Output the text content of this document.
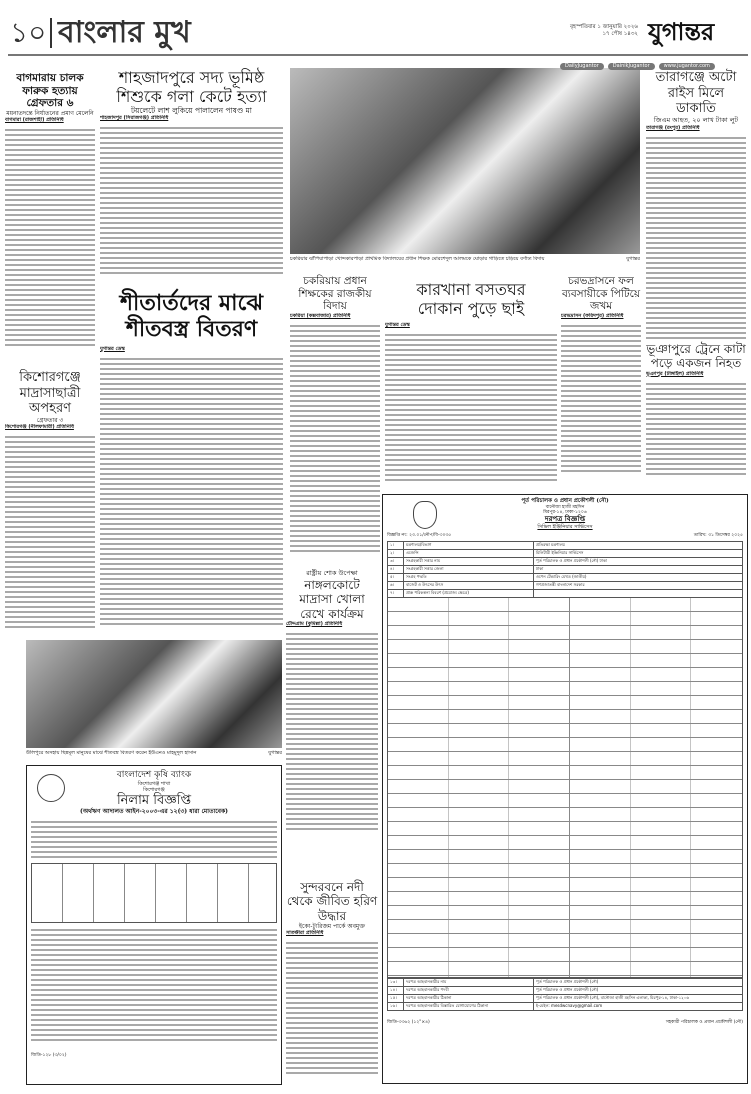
১০ বাংলার মুখ	বৃহস্পতিবার ১ জানুয়ারি ২০২৬
১৭ পৌষ ১৪৩২ যুগান্তর
DailyJugantor	DainikJugantor	www.jugantor.com
বাগমারায় চালক ফারুক হত্যায় গ্রেফতার ৬
ময়নাতদন্তে নির্যাতনের প্রমাণ মেলেনি
বাগমারা (রাজশাহী) প্রতিনিধি
কিশোরগঞ্জে মাদ্রাসাছাত্রী অপহরণ
গ্রেফতার ৩
কিশোরগঞ্জ (নীলফামারী) প্রতিনিধি
শাহজাদপুরে সদ্য ভূমিষ্ঠ শিশুকে গলা কেটে হত্যা
টয়লেটে লাশ লুকিয়ে পালালেন পাষণ্ড মা
শাহজাদপুর (সিরাজগঞ্জ) প্রতিনিধি
শীতার্তদের মাঝে শীতবস্ত্র বিতরণ
যুগান্তর ডেস্ক
চকরিয়ার ঝাঁপিয়াপাড়া খোন্দকারপাড়া প্রাথমিক বিদ্যালয়ের প্রধান শিক্ষক মোরশেদুল আলমকে ঘোড়ার গাড়িতে চড়িয়ে বর্ণাঢ্য বিদায়	যুগান্তর
তারাগঞ্জে অটো রাইস মিলে ডাকাতি
জিএম আহত, ২০ লাখ টাকা লুট
তারাগঞ্জ (রংপুর) প্রতিনিধি
ভূঞাপুরে ট্রেনে কাটা পড়ে একজন নিহত
ভূঞাপুর (টাঙ্গাইল) প্রতিনিধি
চকরিয়ায় প্রধান শিক্ষকের রাজকীয় বিদায়
চকরিয়া (কক্সবাজার) প্রতিনিধি
কারখানা বসতঘর দোকান পুড়ে ছাই
যুগান্তর ডেস্ক
চরভদ্রাসনে ফল ব্যবসায়ীকে পিটিয়ে জখম
চরভদ্রাসন (ফরিদপুর) প্রতিনিধি
রাষ্ট্রীয় শোক উপেক্ষা
নাঙ্গলকোটে মাদ্রাসা খোলা রেখে কার্যক্রম
চৌদ্দগ্রাম (কুমিল্লা) প্রতিনিধি
সুন্দরবনে নদী থেকে জীবিত হরিণ উদ্ধার
ইকো-ট্যুরিজম পার্কে অবমুক্ত
সাতক্ষীরা প্রতিনিধি
উলিপুরে অসহায় ছিন্নমূল মানুষের মাঝে শীতবস্ত্র বিতরণ করেন ইউএনও মাহমুদুল হাসান	যুগান্তর
বাংলাদেশ কৃষি ব্যাংক
কিশোরগঞ্জ শাখা
কিশোরগঞ্জ
নিলাম বিজ্ঞপ্তি
(অর্থঋণ আদালত আইন-২০০৩-এর ১২(৩) ধারা মোতাবেক)
জিডি-১২৮ (৩/০২)
পূর্ত পরিচালক ও প্রধান প্রকৌশলী (নৌ)
বানৌজা হাজী মহসিন
মিরপুর-১৪, ঢাকা-১২০৬
দরপত্র বিজ্ঞপ্তি
সিভিল ইঞ্জিনিয়ার সার্ভিসেস
বিজ্ঞপ্তি নং: ২৩.০১/নৌপ/বি-৩০৩৫	তারিখ: ৩১ ডিসেম্বর ২০২৫
১।	মন্ত্রণালয়/বিভাগ	প্রতিরক্ষা মন্ত্রণালয়
২।	এজেন্সি	মিলিটারী ইঞ্জিনিয়ার সার্ভিসেস
৩।	সংগ্রহকারী সত্তার নাম	পূর্ত পরিচালক ও প্রধান প্রকৌশলী (নৌ) ঢাকা
৪।	সংগ্রহকারী সত্তার জেলা	ঢাকা
৫।	সংগ্রহ পদ্ধতি	ওপেন টেন্ডারিং মেথড (জাতীয়)
৬।	বাজেট ও উৎসের উৎস	গণপ্রজাতন্ত্রী বাংলাদেশ সরকার
৭।	প্রাক্ক পরিকল্পনা বিবরণ (প্রযোজ্য ক্ষেত্রে)	
১৩।	দরপত্র আহবানকারীর নাম	পূর্ত পরিচালক ও প্রধান প্রকৌশলী (নৌ)
১৪।	দরপত্র আহবানকারীর পদবী	পূর্ত পরিচালক ও প্রধান প্রকৌশলী (নৌ)
১৫।	দরপত্র আহবানকারীর ঠিকানা	পূর্ত পরিচালক ও প্রধান প্রকৌশলী (নৌ), বানৌজা হাজী মহসিন এলাকা, মিরপুর-১৪, ঢাকা-১২০৬
১৬।	দরপত্র আহবানকারীর বিস্তারিত যোগাযোগের ঠিকানা	ই-মেইল: mesdwcnavy@gmail.com
জিডি-৩৩৬২ (১২"×৪)	সহকারী পরিচালক ও প্রধান প্রকৌশলী (নৌ)
